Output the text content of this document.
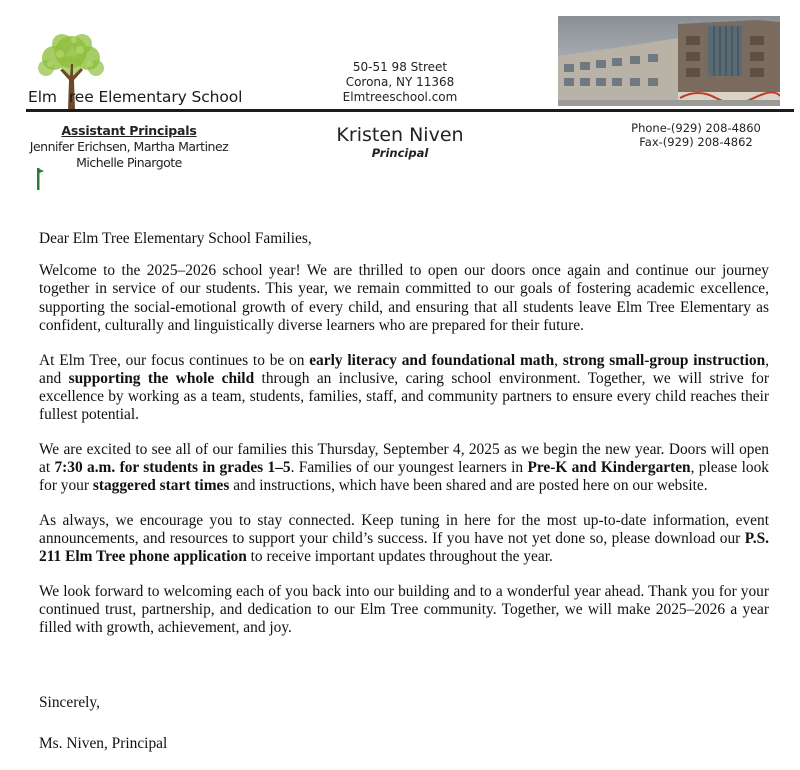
Elm ree Elementary School
50-51 98 Street
Corona, NY 11368
Elmtreeschool.com
Assistant Principals
Jennifer Erichsen, Martha Martinez
Michelle Pinargote
Kristen Niven
Principal
Phone-(929) 208-4860
Fax-(929) 208-4862

Dear Elm Tree Elementary School Families,

Welcome to the 2025–2026 school year! We are thrilled to open our doors once again and continue our journey together in service of our students. This year, we remain committed to our goals of fostering academic excellence, supporting the social-emotional growth of every child, and ensuring that all students leave Elm Tree Elementary as confident, culturally and linguistically diverse learners who are prepared for their future.

At Elm Tree, our focus continues to be on early literacy and foundational math, strong small-group instruction, and supporting the whole child through an inclusive, caring school environment. Together, we will strive for excellence by working as a team, students, families, staff, and community partners to ensure every child reaches their fullest potential.

We are excited to see all of our families this Thursday, September 4, 2025 as we begin the new year. Doors will open at 7:30 a.m. for students in grades 1–5. Families of our youngest learners in Pre-K and Kindergarten, please look for your staggered start times and instructions, which have been shared and are posted here on our website.

As always, we encourage you to stay connected. Keep tuning in here for the most up-to-date information, event announcements, and resources to support your child’s success. If you have not yet done so, please download our P.S. 211 Elm Tree phone application to receive important updates throughout the year.

We look forward to welcoming each of you back into our building and to a wonderful year ahead. Thank you for your continued trust, partnership, and dedication to our Elm Tree community. Together, we will make 2025–2026 a year filled with growth, achievement, and joy.

Sincerely,
Ms. Niven, Principal
